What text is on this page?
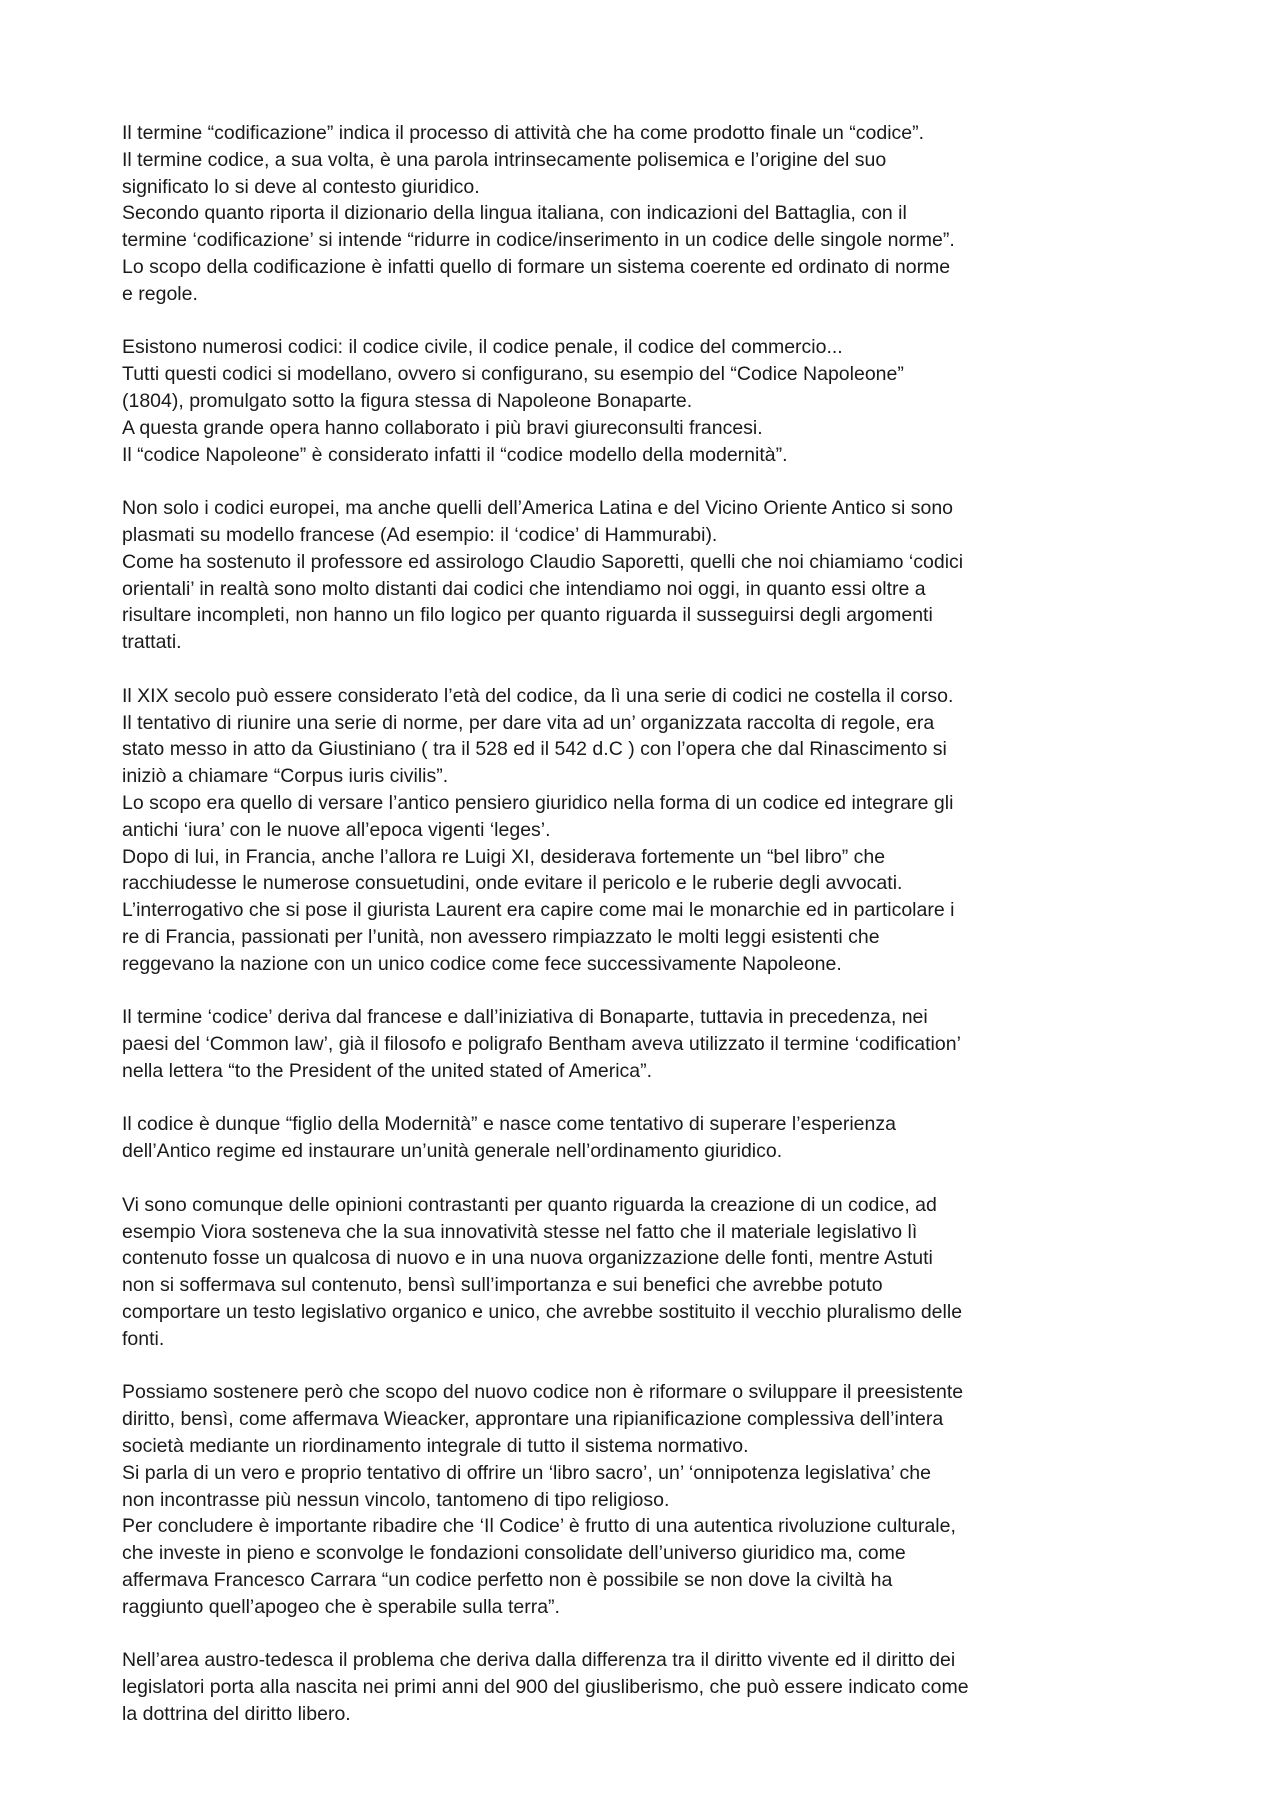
Il termine “codificazione” indica il processo di attività che ha come prodotto finale un “codice”.
Il termine codice, a sua volta, è una parola intrinsecamente polisemica e l’origine del suo
significato lo si deve al contesto giuridico.
Secondo quanto riporta il dizionario della lingua italiana, con indicazioni del Battaglia, con il
termine ‘codificazione’ si intende “ridurre in codice/inserimento in un codice delle singole norme”.
Lo scopo della codificazione è infatti quello di formare un sistema coerente ed ordinato di norme
e regole.
Esistono numerosi codici: il codice civile, il codice penale, il codice del commercio...
Tutti questi codici si modellano, ovvero si configurano, su esempio del “Codice Napoleone”
(1804), promulgato sotto la figura stessa di Napoleone Bonaparte.
A questa grande opera hanno collaborato i più bravi giureconsulti francesi.
Il “codice Napoleone” è considerato infatti il “codice modello della modernità”.
Non solo i codici europei, ma anche quelli dell’America Latina e del Vicino Oriente Antico si sono
plasmati su modello francese (Ad esempio: il ‘codice’ di Hammurabi).
Come ha sostenuto il professore ed assirologo Claudio Saporetti, quelli che noi chiamiamo ‘codici
orientali’ in realtà sono molto distanti dai codici che intendiamo noi oggi, in quanto essi oltre a
risultare incompleti, non hanno un filo logico per quanto riguarda il susseguirsi degli argomenti
trattati.
Il XIX secolo può essere considerato l’età del codice, da lì una serie di codici ne costella il corso.
Il tentativo di riunire una serie di norme, per dare vita ad un’ organizzata raccolta di regole, era
stato messo in atto da Giustiniano ( tra il 528 ed il 542 d.C ) con l’opera che dal Rinascimento si
iniziò a chiamare “Corpus iuris civilis”.
Lo scopo era quello di versare l’antico pensiero giuridico nella forma di un codice ed integrare gli
antichi ‘iura’ con le nuove all’epoca vigenti ‘leges’.
Dopo di lui, in Francia, anche l’allora re Luigi XI, desiderava fortemente un “bel libro” che
racchiudesse le numerose consuetudini, onde evitare il pericolo e le ruberie degli avvocati.
L’interrogativo che si pose il giurista Laurent era capire come mai le monarchie ed in particolare i
re di Francia, passionati per l’unità, non avessero rimpiazzato le molti leggi esistenti che
reggevano la nazione con un unico codice come fece successivamente Napoleone.
Il termine ‘codice’ deriva dal francese e dall’iniziativa di Bonaparte, tuttavia in precedenza, nei
paesi del ‘Common law’, già il filosofo e poligrafo Bentham aveva utilizzato il termine ‘codification’
nella lettera “to the President of the united stated of America”.
Il codice è dunque “figlio della Modernità” e nasce come tentativo di superare l’esperienza
dell’Antico regime ed instaurare un’unità generale nell’ordinamento giuridico.
Vi sono comunque delle opinioni contrastanti per quanto riguarda la creazione di un codice, ad
esempio Viora sosteneva che la sua innovatività stesse nel fatto che il materiale legislativo lì
contenuto fosse un qualcosa di nuovo e in una nuova organizzazione delle fonti, mentre Astuti
non si soffermava sul contenuto, bensì sull’importanza e sui benefici che avrebbe potuto
comportare un testo legislativo organico e unico, che avrebbe sostituito il vecchio pluralismo delle
fonti.
Possiamo sostenere però che scopo del nuovo codice non è riformare o sviluppare il preesistente
diritto, bensì, come affermava Wieacker, approntare una ripianificazione complessiva dell’intera
società mediante un riordinamento integrale di tutto il sistema normativo.
Si parla di un vero e proprio tentativo di offrire un ‘libro sacro’, un’ ‘onnipotenza legislativa’ che
non incontrasse più nessun vincolo, tantomeno di tipo religioso.
Per concludere è importante ribadire che ‘Il Codice’ è frutto di una autentica rivoluzione culturale,
che investe in pieno e sconvolge le fondazioni consolidate dell’universo giuridico ma, come
affermava Francesco Carrara “un codice perfetto non è possibile se non dove la civiltà ha
raggiunto quell’apogeo che è sperabile sulla terra”.
Nell’area austro-tedesca il problema che deriva dalla differenza tra il diritto vivente ed il diritto dei
legislatori porta alla nascita nei primi anni del 900 del giusliberismo, che può essere indicato come
la dottrina del diritto libero.
